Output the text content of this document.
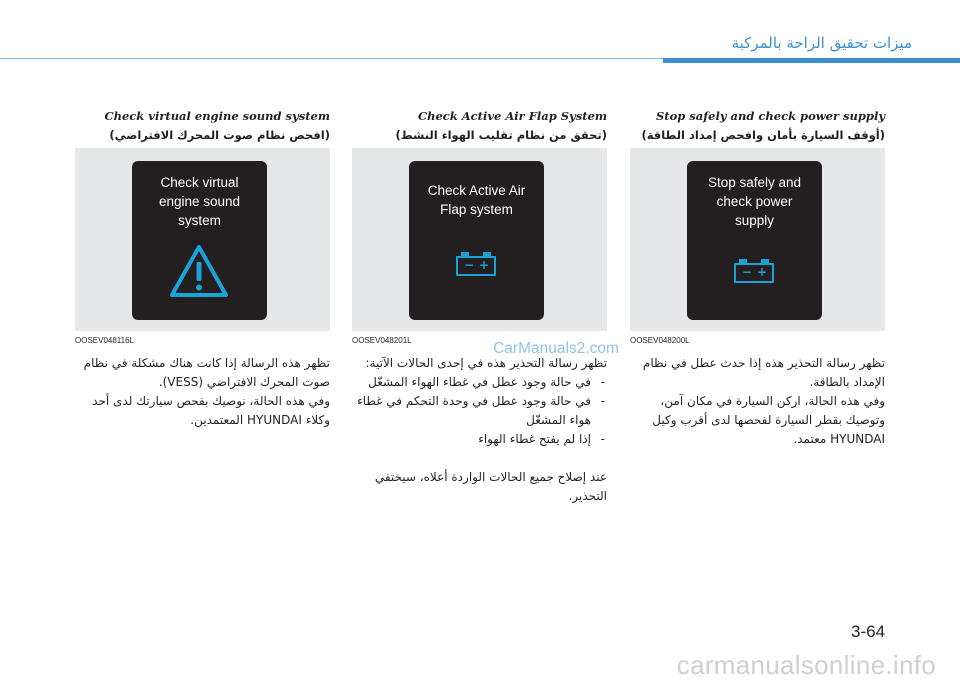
ميزات تحقيق الراحة بالمركبة
Stop safely and check power supply
(أوقف السيارة بأمان وافحص إمداد الطاقة)
Stop safely and
check power
supply
− +
OOSEV048200L

تظهر رسالة التحذير هذه إذا حدث عطل في نظام الإمداد بالطاقة.

وفي هذه الحالة، اركن السيارة في مكان آمن، وتوصيك بقطر السيارة لفحصها لدى أقرب وكيل HYUNDAI معتمد.

Check Active Air Flap System
(تحقق من نظام تقليب الهواء النشط)
Check Active Air
Flap system
− +
OOSEV048201L

تظهر رسالة التحذير هذه في إحدى الحالات الآتية:

- في حالة وجود عطل في غطاء الهواء المشغّل
- في حالة وجود عطل في وحدة التحكم في غطاء هواء المشغّل
- إذا لم يفتح غطاء الهواء

عند إصلاح جميع الحالات الواردة أعلاه، سيختفي التحذير.

Check virtual engine sound system
(افحص نظام صوت المحرك الافتراضي)
Check virtual
engine sound
system
OOSEV048116L

تظهر هذه الرسالة إذا كانت هناك مشكلة في نظام صوت المحرك الافتراضي (VESS).

وفي هذه الحالة، نوصيك بفحص سيارتك لدى أحد وكلاء HYUNDAI المعتمدين.

CarManuals2.com
3-64
carmanualsonline.info
